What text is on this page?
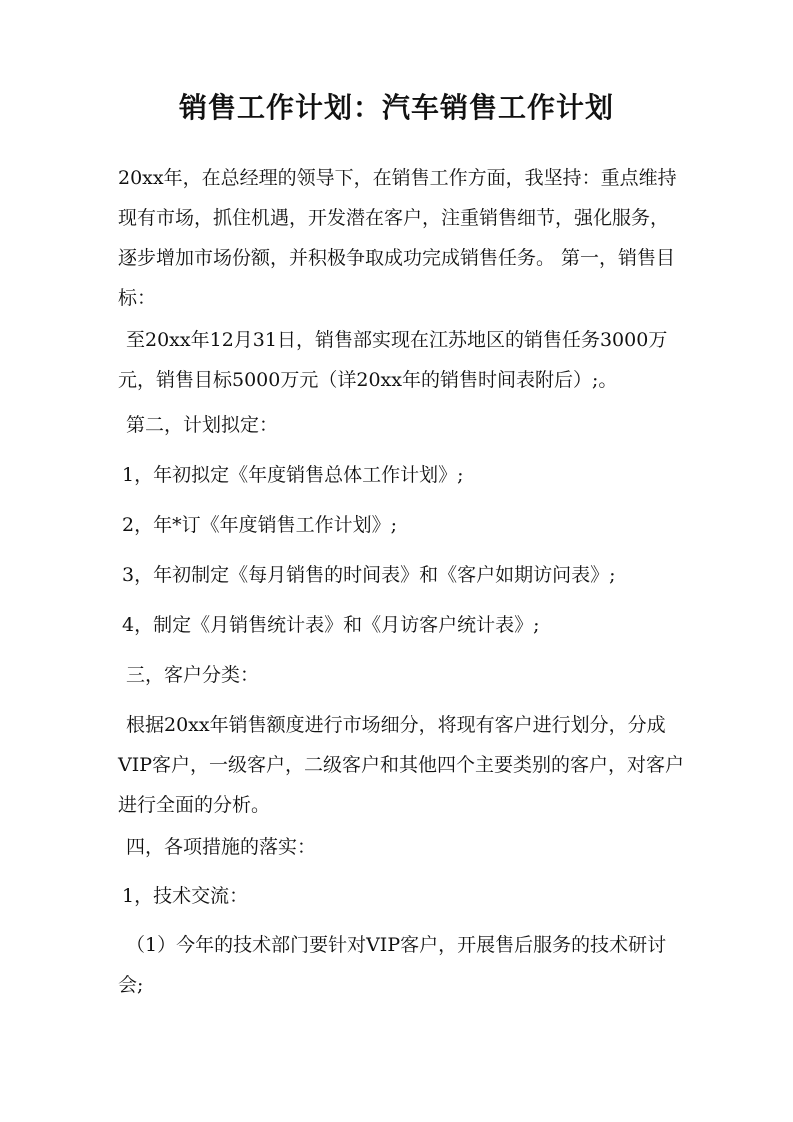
销售工作计划：汽车销售工作计划

20xx年，在总经理的领导下，在销售工作方面，我坚持：重点维持现有市场，抓住机遇，开发潜在客户，注重销售细节，强化服务，逐步增加市场份额，并积极争取成功完成销售任务。 第一，销售目标：

至20xx年12月31日，销售部实现在江苏地区的销售任务3000万元，销售目标5000万元（详20xx年的销售时间表附后）;。

第二，计划拟定：

1，年初拟定《年度销售总体工作计划》;

2，年*订《年度销售工作计划》;

3，年初制定《每月销售的时间表》和《客户如期访问表》;

4，制定《月销售统计表》和《月访客户统计表》;

三，客户分类：

根据20xx年销售额度进行市场细分，将现有客户进行划分，分成VIP客户，一级客户，二级客户和其他四个主要类别的客户，对客户进行全面的分析。

四，各项措施的落实：

1，技术交流：

（1）今年的技术部门要针对VIP客户，开展售后服务的技术研讨会;
